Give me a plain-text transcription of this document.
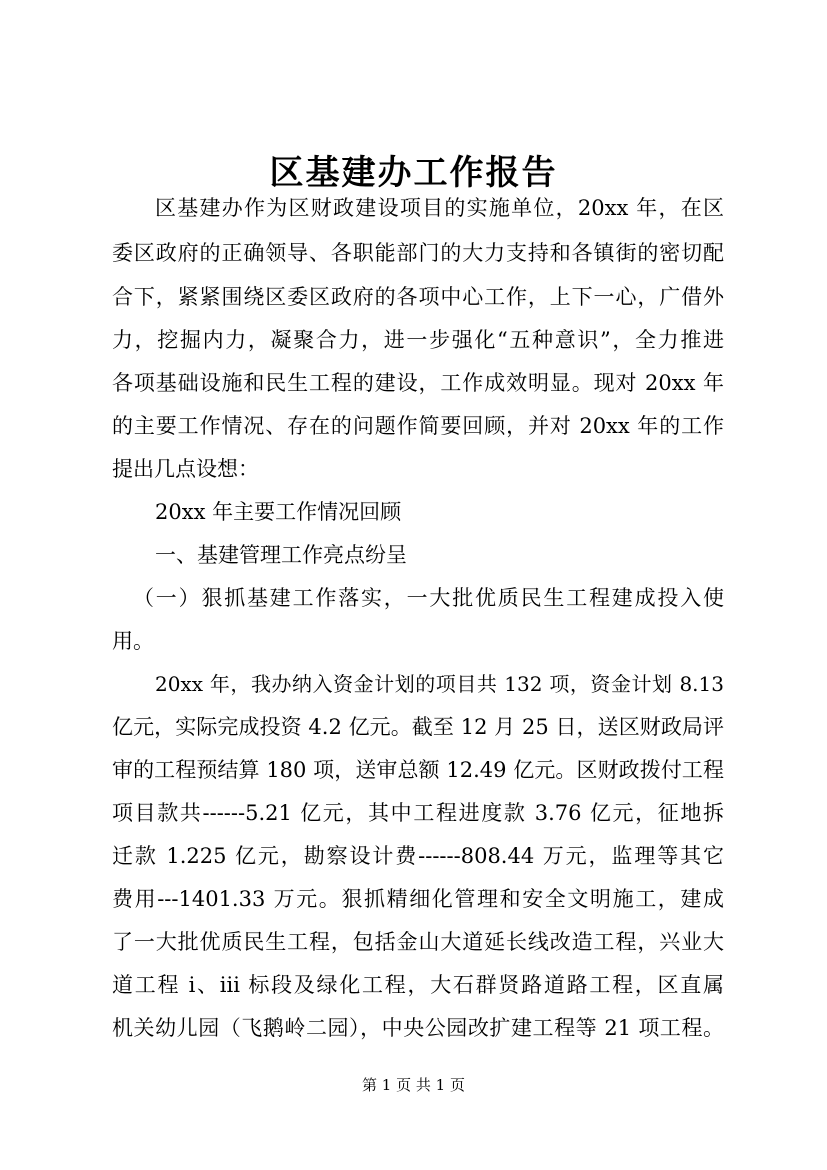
区基建办工作报告
区基建办作为区财政建设项目的实施单位，20xx 年，在区
委区政府的正确领导、各职能部门的大力支持和各镇街的密切配
合下，紧紧围绕区委区政府的各项中心工作，上下一心，广借外
力，挖掘内力，凝聚合力，进一步强化“五种意识”，全力推进
各项基础设施和民生工程的建设，工作成效明显。现对 20xx 年
的主要工作情况、存在的问题作简要回顾，并对 20xx 年的工作
提出几点设想：
20xx 年主要工作情况回顾
一、基建管理工作亮点纷呈
（一）狠抓基建工作落实，一大批优质民生工程建成投入使
用。
20xx 年，我办纳入资金计划的项目共 132 项，资金计划 8.13
亿元，实际完成投资 4.2 亿元。截至 12 月 25 日，送区财政局评
审的工程预结算 180 项，送审总额 12.49 亿元。区财政拨付工程
项目款共------5.21 亿元，其中工程进度款 3.76 亿元，征地拆
迁款 1.225 亿元，勘察设计费------808.44 万元，监理等其它
费用---1401.33 万元。狠抓精细化管理和安全文明施工，建成
了一大批优质民生工程，包括金山大道延长线改造工程，兴业大
道工程 i、iii 标段及绿化工程，大石群贤路道路工程，区直属
机关幼儿园（飞鹅岭二园），中央公园改扩建工程等 21 项工程。
第 1 页 共 1 页
